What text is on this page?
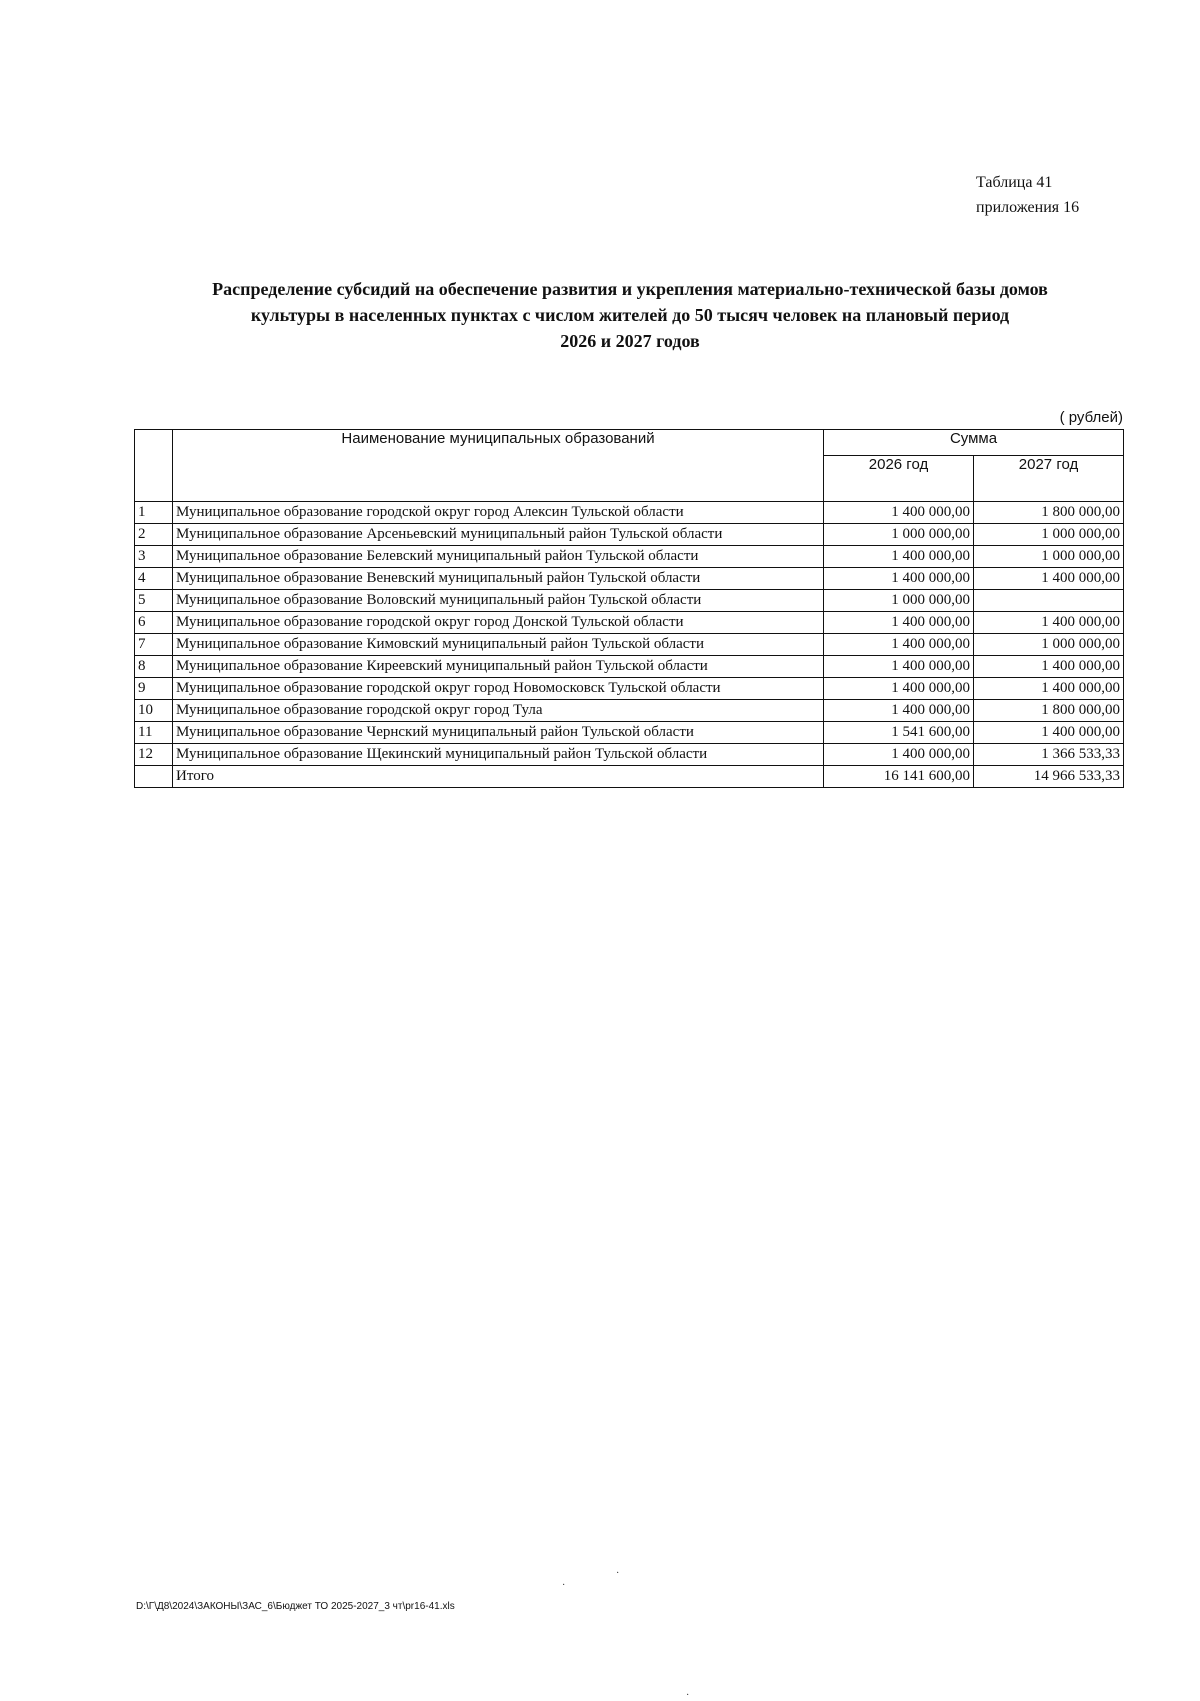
Таблица 41
приложения 16
Распределение субсидий на обеспечение развития и укрепления материально-технической базы домов
культуры в населенных пунктах с числом жителей до 50 тысяч человек на плановый период
2026 и 2027 годов
( рублей)
	Наименование муниципальных образований	Сумма	
		2026 год	2027 год
1	Муниципальное образование городской округ город Алексин Тульской области	1 400 000,00	1 800 000,00
2	Муниципальное образование Арсеньевский муниципальный район Тульской области	1 000 000,00	1 000 000,00
3	Муниципальное образование Белевский муниципальный район Тульской области	1 400 000,00	1 000 000,00
4	Муниципальное образование Веневский муниципальный район Тульской области	1 400 000,00	1 400 000,00
5	Муниципальное образование Воловский муниципальный район Тульской области	1 000 000,00	
6	Муниципальное образование городской округ город Донской Тульской области	1 400 000,00	1 400 000,00
7	Муниципальное образование Кимовский муниципальный район Тульской области	1 400 000,00	1 000 000,00
8	Муниципальное образование Киреевский муниципальный район Тульской области	1 400 000,00	1 400 000,00
9	Муниципальное образование городской округ город Новомосковск Тульской области	1 400 000,00	1 400 000,00
10	Муниципальное образование городской округ город Тула	1 400 000,00	1 800 000,00
11	Муниципальное образование Чернский муниципальный район Тульской области	1 541 600,00	1 400 000,00
12	Муниципальное образование Щекинский муниципальный район Тульской области	1 400 000,00	1 366 533,33
	Итого	16 141 600,00	14 966 533,33
D:\Г\Д8\2024\ЗАКОНЫ\ЗАС_6\Бюджет ТО 2025-2027_3 чт\pr16-41.xls
·
·
·
